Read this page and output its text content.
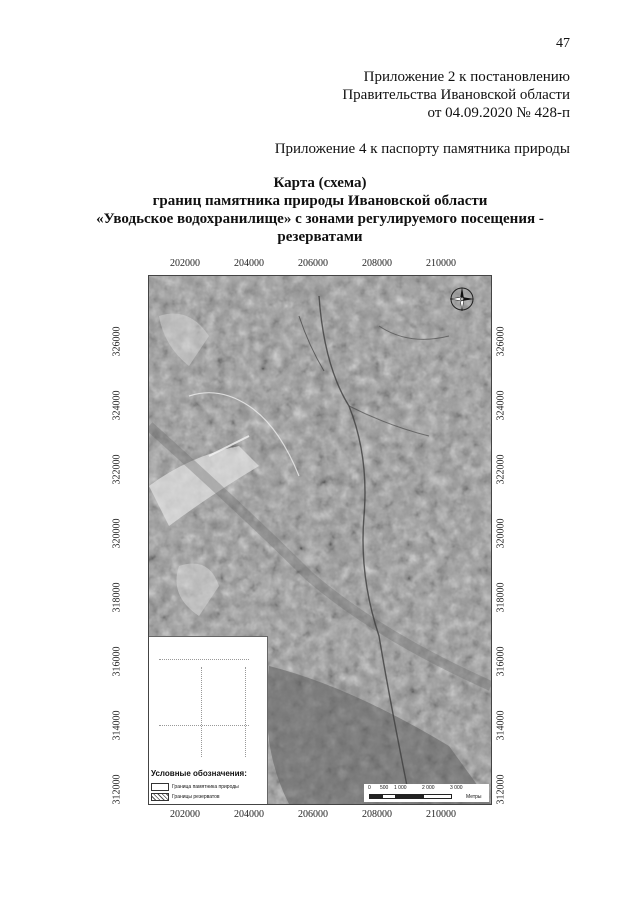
47
Приложение 2 к постановлению
Правительства Ивановской области
от 04.09.2020 № 428-п
Приложение 4 к паспорту памятника природы
Карта (схема)
границ памятника природы Ивановской области
«Уводьское водохранилище» с зонами регулируемого посещения -
резерватами
202000	204000	206000	208000	210000
202000	204000	206000	208000	210000
326000
324000
322000
320000
318000
316000
314000
312000
326000
324000
322000
320000
318000
316000
314000
312000
Условные обозначения:
Граница памятника природы
Границы резерватов
0 500 1 000	2 000	3 000
Метры
